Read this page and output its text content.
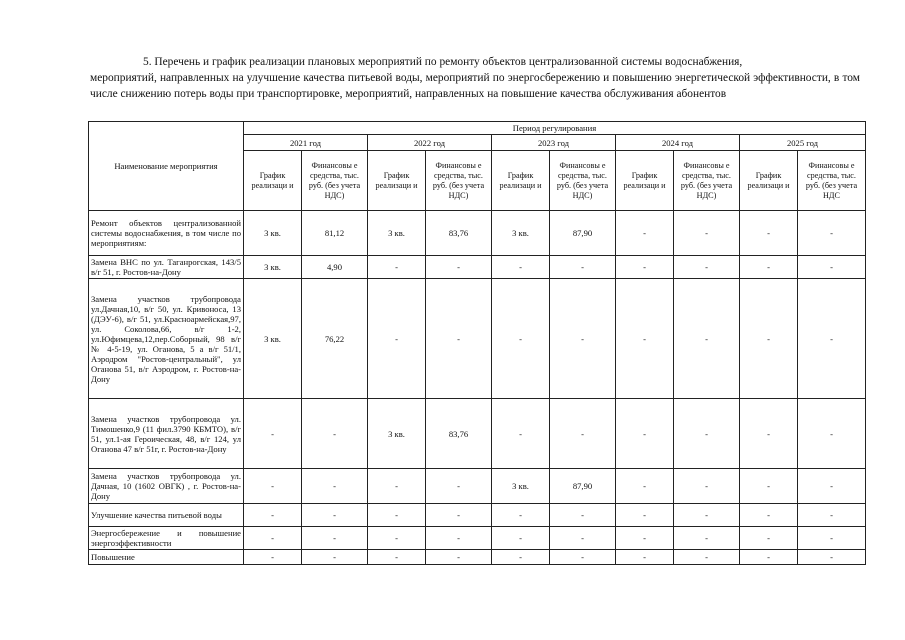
5. Перечень и график реализации плановых мероприятий по ремонту объектов централизованной системы водоснабжения,

мероприятий, направленных на улучшение качества питьевой воды, мероприятий по энергосбережению и повышению энергетической эффективности, в том числе снижению потерь воды при транспортировке, мероприятий, направленных на повышение качества обслуживания абонентов

Наименование мероприятия	Период регулирования									
	2021 год		2022 год		2023 год		2024 год		2025 год	
	График реализаци и	Финансовы е средства, тыс. руб. (без учета НДС)	График реализаци и	Финансовы е средства, тыс. руб. (без учета НДС)	График реализаци и	Финансовы е средства, тыс. руб. (без учета НДС)	График реализаци и	Финансовы е средства, тыс. руб. (без учета НДС)	График реализаци и	Финансовы е средства, тыс. руб. (без учета НДС
Ремонт объектов централизованной системы водоснабжения, в том числе по мероприятиям:	3 кв.	81,12	3 кв.	83,76	3 кв.	87,90	-	-	-	-
Замена ВНС по ул. Таганрогская, 143/5 в/г 51, г. Ростов-на-Дону	3 кв.	4,90	-	-	-	-	-	-	-	-
Замена участков трубопровода ул.Дачная,10, в/г 50, ул. Кривоноса, 13 (ДЭУ-6), в/г 51, ул.Красноармейская,97, ул. Соколова,66, в/г 1-2, ул.Юфимцева,12,пер.Соборный, 98 в/г № 4-5-19, ул. Оганова, 5 а в/г 51/1, Аэродром "Ростов-центральный", ул Оганова 51, в/г Аэродром, г. Ростов-на-Дону	3 кв.	76,22	-	-	-	-	-	-	-	-
Замена участков трубопровода ул. Тимошенко,9 (11 фил.3790 КБМТО), в/г 51, ул.1-ая Героическая, 48, в/г 124, ул Оганова 47 в/г 51г, г. Ростов-на-Дону	-	-	3 кв.	83,76	-	-	-	-	-	-
Замена участков трубопровода ул. Дачная, 10 (1602 ОВГК) , г. Ростов-на-Дону	-	-	-	-	3 кв.	87,90	-	-	-	-
Улучшение качества питьевой воды	-	-	-	-	-	-	-	-	-	-
Энергосбережение и повышение энергоэффективности	-	-	-	-	-	-	-	-	-	-
Повышение	-	-	-	-	-	-	-	-	-	-
